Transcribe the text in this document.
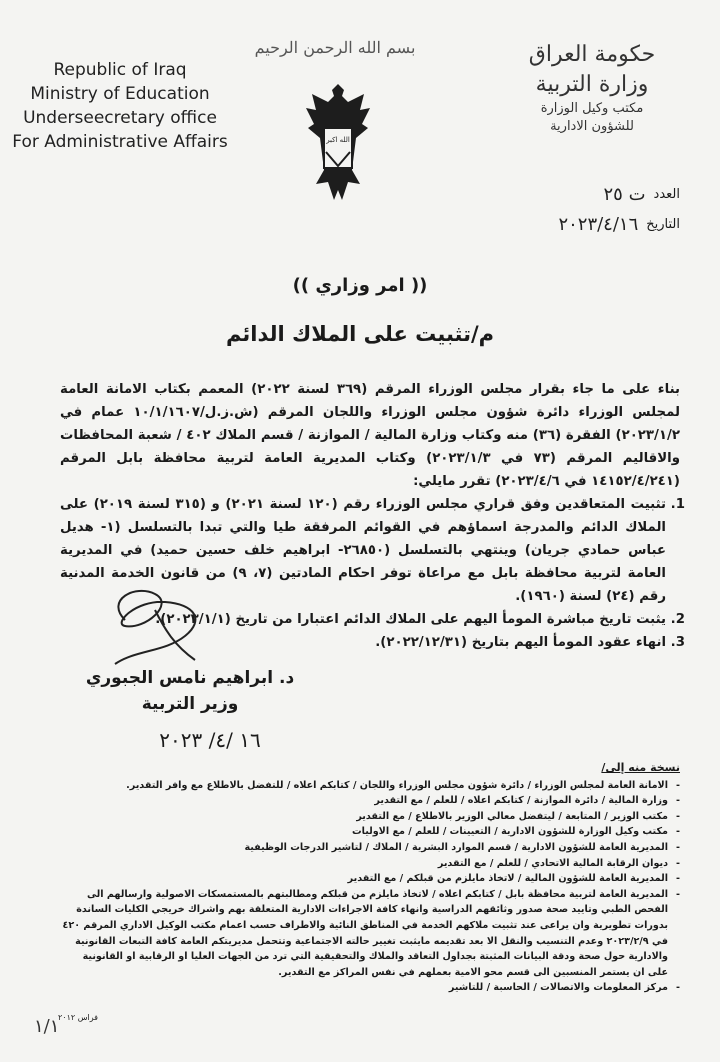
Republic of Iraq
Ministry of Education
Underseecretary office
For Administrative Affairs
بسم الله الرحمن الرحيم
الله اكبر
حكومة العراق
وزارة التربية
مكتب وكيل الوزارة
للشؤون الادارية
العدد
ت ٢٥
التاريخ
٢٠٢٣/٤/١٦
(( امر وزاري ))
م/تثبيت على الملاك الدائم

بناء على ما جاء بقرار مجلس الوزراء المرقم (٣٦٩ لسنة ٢٠٢٢) المعمم بكتاب الامانة العامة لمجلس الوزراء دائرة شؤون مجلس الوزراء واللجان المرقم (ش.ز.ل/١٠/١/١٦٠٧ عمام في ٢٠٢٣/١/٢) الفقرة (٣٦) منه وكتاب وزارة المالية / الموازنة / قسم الملاك ٤٠٢ / شعبة المحافظات والاقاليم المرقم (٧٣ في ٢٠٢٣/١/٣) وكتاب المديرية العامة لتربية محافظة بابل المرقم (١٤١٥٢/٤/٢٤١ في ٢٠٢٣/٤/٦) تقرر مايلي:

1. تثبيت المتعاقدين وفق قراري مجلس الوزراء رقم (١٢٠ لسنة ٢٠٢١) و (٣١٥ لسنة ٢٠١٩) على الملاك الدائم والمدرجة اسماؤهم في القوائم المرفقة طيا والتي تبدا بالتسلسل (١- هديل عباس حمادي جريان) وينتهي بالتسلسل (٢٦٨٥٠- ابراهيم خلف حسين حميد) في المديرية العامة لتربية محافظة بابل مع مراعاة توفر احكام المادتين (٧، ٩) من قانون الخدمة المدنية رقم (٢٤) لسنة (١٩٦٠).
2. يثبت تاريخ مباشرة المومأ اليهم على الملاك الدائم اعتبارا من تاريخ (٢٠٢٣/١/١).
3. انهاء عقود المومأ اليهم بتاريخ (٢٠٢٢/١٢/٣١).
د. ابراهيم نامس الجبوري
وزير التربية
١٦ /٤/ ٢٠٢٣
نسخة منه إلى/
- الامانة العامة لمجلس الوزراء / دائرة شؤون مجلس الوزراء واللجان / كتابكم اعلاه / للتفضل بالاطلاع مع وافر التقدير.
- وزارة المالية / دائرة الموازنة / كتابكم اعلاه / للعلم / مع التقدير
- مكتب الوزير / المتابعة / ليتفضل معالي الوزير بالاطلاع / مع التقدير
- مكتب وكيل الوزارة للشؤون الادارية / التعيينات / للعلم / مع الاوليات
- المديرية العامة للشؤون الادارية / قسم الموارد البشرية / الملاك / لتاشير الدرجات الوظيفية
- ديوان الرقابة المالية الاتحادي / للعلم / مع التقدير
- المديرية العامة للشؤون المالية / لاتخاذ مايلزم من قبلكم / مع التقدير
- المديرية العامة لتربية محافظة بابل / كتابكم اعلاه / لاتخاذ مايلزم من قبلكم ومطالبتهم بالمستمسكات الاصولية وارسالهم الى الفحص الطبي وتاييد صحة صدور وثائقهم الدراسية وانهاء كافة الاجراءات الادارية المتعلقة بهم واشراك خريجي الكليات الساندة بدورات تطويرية وان يراعى عند تثبيت ملاكهم الخدمة في المناطق النائية والاطراف حسب اعمام مكتب الوكيل الاداري المرقم ٤٢٠ في ٢٠٢٣/٢/٩ وعدم التنسيب والنقل الا بعد تقديمه مايثبت تغيير حالته الاجتماعية وتتحمل مديريتكم العامة كافة التبعات القانونية والادارية حول صحة ودقة البيانات المثبتة بجداول التعاقد والملاك والتحقيقية التي ترد من الجهات العليا او الرقابية او القانونية على ان يستمر المنسبين الى قسم محو الامية بعملهم في نفس المراكز مع التقدير.
- مركز المعلومات والاتصالات / الحاسبة / للتاشير
فراس ٢٠١٢
١/١
